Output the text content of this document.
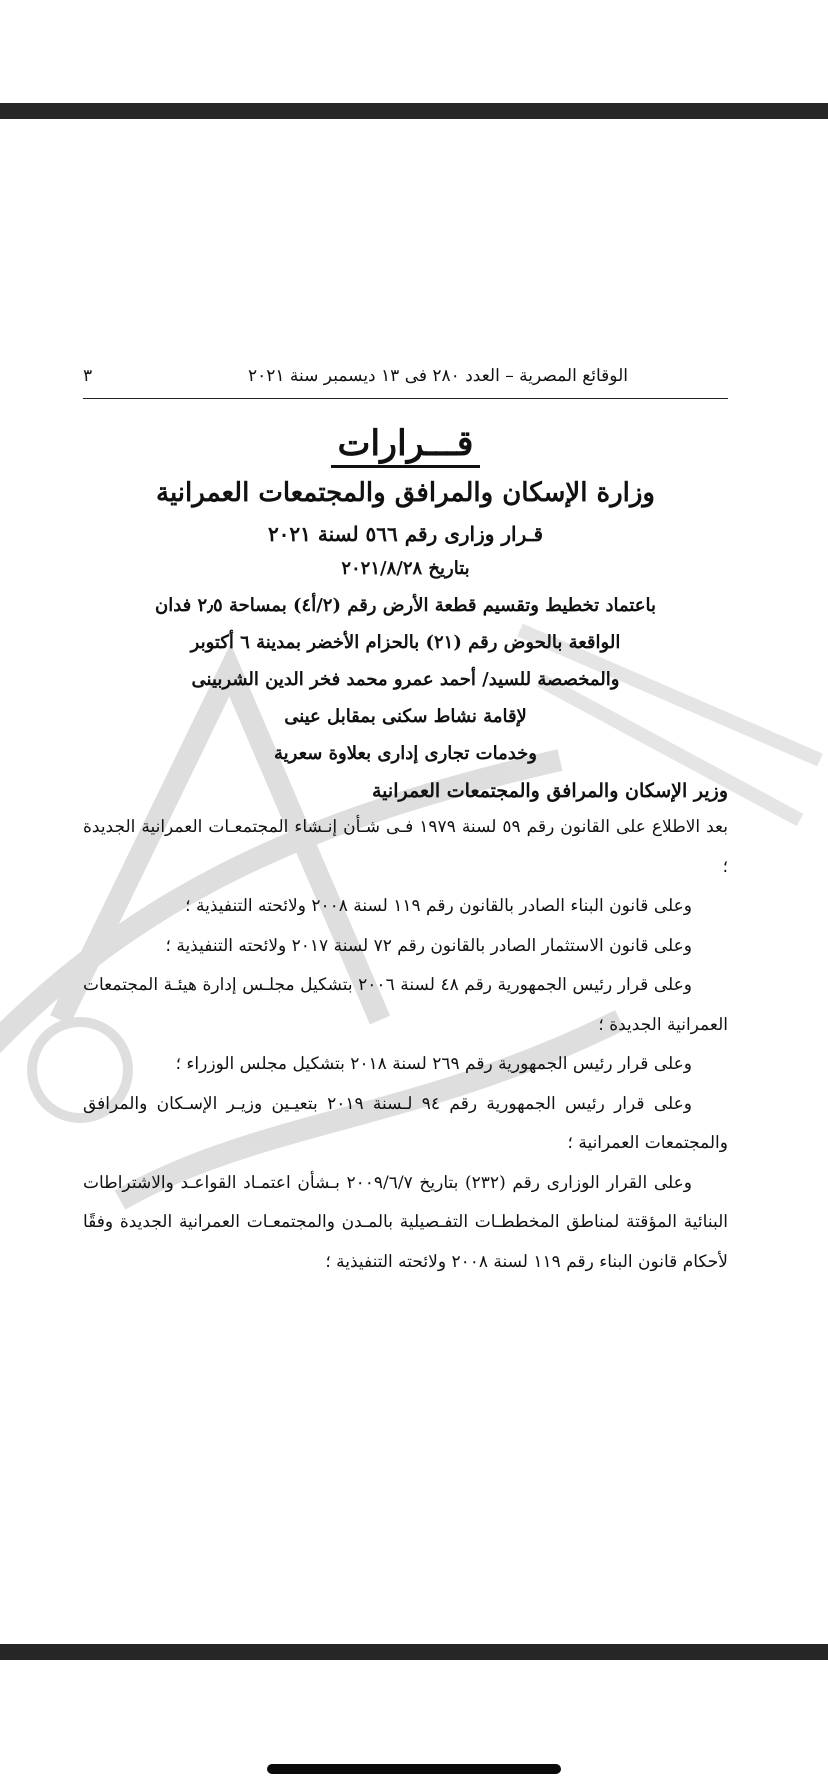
الوقائع المصرية – العدد ٢٨٠ فى ١٣ ديسمبر سنة ٢٠٢١
٣
قـــرارات
وزارة الإسكان والمرافق والمجتمعات العمرانية
قـرار وزارى رقم ٥٦٦ لسنة ٢٠٢١
بتاريخ ٢٠٢١/٨/٢٨
باعتماد تخطيط وتقسيم قطعة الأرض رقم (٢/أ٤) بمساحة ٢٫٥ فدان
الواقعة بالحوض رقم (٢١) بالحزام الأخضر بمدينة ٦ أكتوبر
والمخصصة للسيد/ أحمد عمرو محمد فخر الدين الشربينى
لإقامة نشاط سكنى بمقابل عينى
وخدمات تجارى إدارى بعلاوة سعرية
وزير الإسكان والمرافق والمجتمعات العمرانية

بعد الاطلاع على القانون رقم ٥٩ لسنة ١٩٧٩ فـى شـأن إنـشاء المجتمعـات العمرانية الجديدة ؛

وعلى قانون البناء الصادر بالقانون رقم ١١٩ لسنة ٢٠٠٨ ولائحته التنفيذية ؛

وعلى قانون الاستثمار الصادر بالقانون رقم ٧٢ لسنة ٢٠١٧ ولائحته التنفيذية ؛

وعلى قرار رئيس الجمهورية رقم ٤٨ لسنة ٢٠٠٦ بتشكيل مجلـس إدارة هيئـة المجتمعات العمرانية الجديدة ؛

وعلى قرار رئيس الجمهورية رقم ٢٦٩ لسنة ٢٠١٨ بتشكيل مجلس الوزراء ؛

وعلى قرار رئيس الجمهورية رقم ٩٤ لـسنة ٢٠١٩ بتعيـين وزيـر الإسـكان والمرافق والمجتمعات العمرانية ؛

وعلى القرار الوزارى رقم (٢٣٢) بتاريخ ٢٠٠٩/٦/٧ بـشأن اعتمـاد القواعـد والاشتراطات البنائية المؤقتة لمناطق المخططـات التفـصيلية بالمـدن والمجتمعـات العمرانية الجديدة وفقًا لأحكام قانون البناء رقم ١١٩ لسنة ٢٠٠٨ ولائحته التنفيذية ؛
